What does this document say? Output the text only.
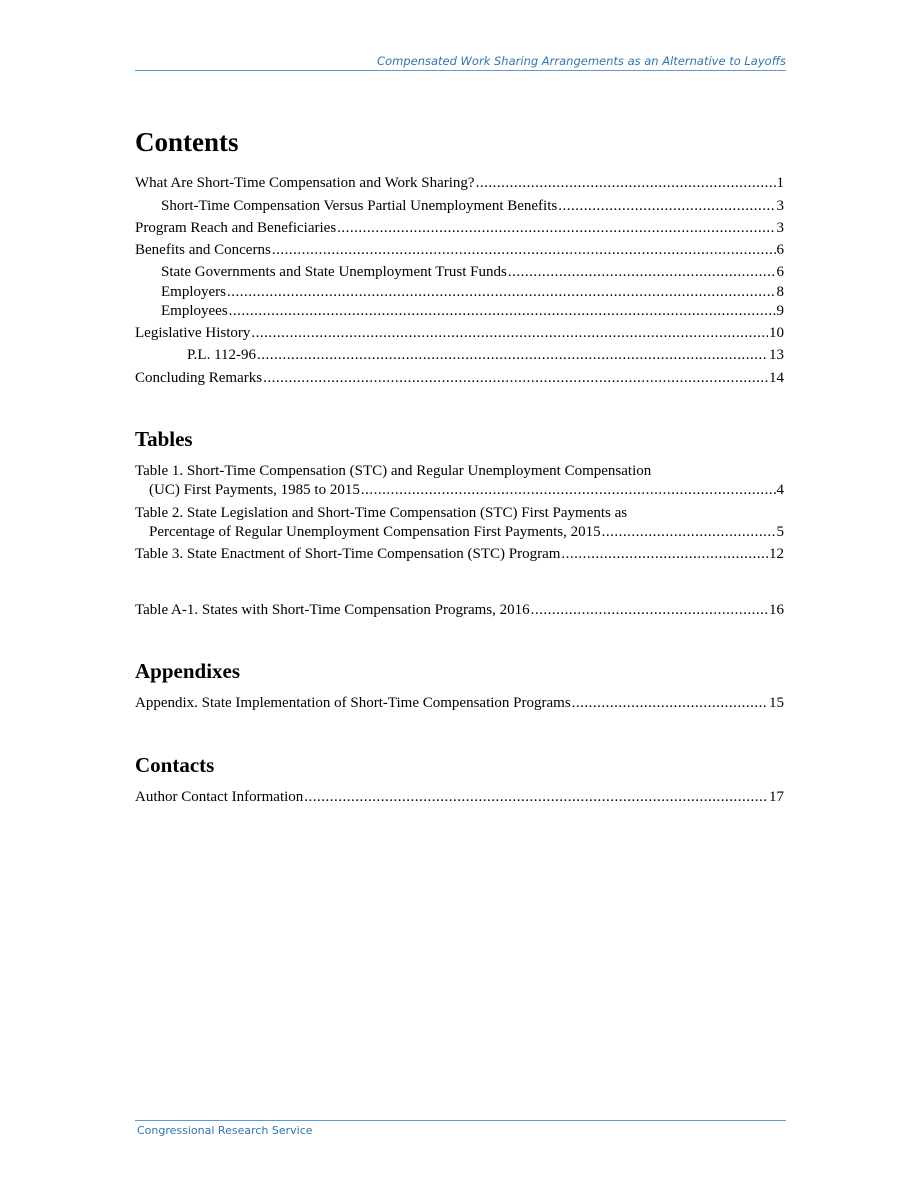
Compensated Work Sharing Arrangements as an Alternative to Layoffs
Contents
What Are Short-Time Compensation and Work Sharing? .....	1
Short-Time Compensation Versus Partial Unemployment Benefits .....	3
Program Reach and Beneficiaries .....	3
Benefits and Concerns .....	6
State Governments and State Unemployment Trust Funds .....	6
Employers .....	8
Employees .....	9
Legislative History .....	10
P.L. 112-96 .....	13
Concluding Remarks .....	14
Tables
Table 1. Short-Time Compensation (STC) and Regular Unemployment Compensation
(UC) First Payments, 1985 to 2015 .....	4
Table 2. State Legislation and Short-Time Compensation (STC) First Payments as
Percentage of Regular Unemployment Compensation First Payments, 2015 .....	5
Table 3. State Enactment of Short-Time Compensation (STC) Program .....	12
Table A-1. States with Short-Time Compensation Programs, 2016 .....	16
Appendixes
Appendix. State Implementation of Short-Time Compensation Programs .....	15
Contacts
Author Contact Information .....	17
Congressional Research Service
